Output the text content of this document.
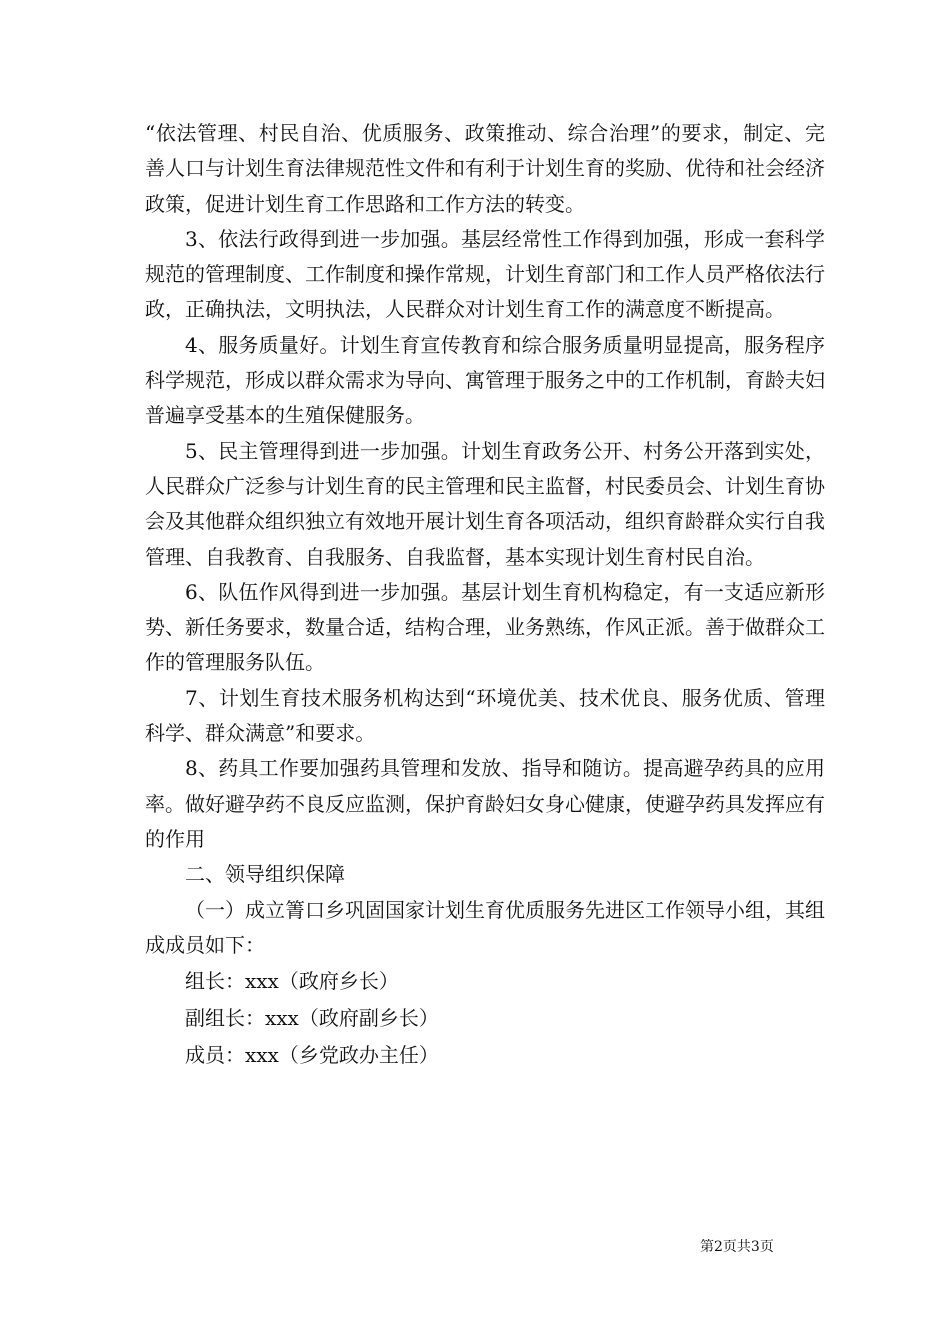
“依法管理、村民自治、优质服务、政策推动、综合治理”的要求，制定、完善人口与计划生育法律规范性文件和有利于计划生育的奖励、优待和社会经济政策，促进计划生育工作思路和工作方法的转变。

3、依法行政得到进一步加强。基层经常性工作得到加强，形成一套科学规范的管理制度、工作制度和操作常规，计划生育部门和工作人员严格依法行政，正确执法，文明执法，人民群众对计划生育工作的满意度不断提高。

4、服务质量好。计划生育宣传教育和综合服务质量明显提高，服务程序科学规范，形成以群众需求为导向、寓管理于服务之中的工作机制，育龄夫妇普遍享受基本的生殖保健服务。

5、民主管理得到进一步加强。计划生育政务公开、村务公开落到实处，人民群众广泛参与计划生育的民主管理和民主监督，村民委员会、计划生育协会及其他群众组织独立有效地开展计划生育各项活动，组织育龄群众实行自我管理、自我教育、自我服务、自我监督，基本实现计划生育村民自治。

6、队伍作风得到进一步加强。基层计划生育机构稳定，有一支适应新形势、新任务要求，数量合适，结构合理，业务熟练，作风正派。善于做群众工作的管理服务队伍。

7、计划生育技术服务机构达到“环境优美、技术优良、服务优质、管理科学、群众满意”和要求。

8、药具工作要加强药具管理和发放、指导和随访。提高避孕药具的应用率。做好避孕药不良反应监测，保护育龄妇女身心健康，使避孕药具发挥应有的作用

二、领导组织保障

（一）成立箐口乡巩固国家计划生育优质服务先进区工作领导小组，其组成成员如下：

组长：xxx（政府乡长）

副组长：xxx（政府副乡长）

成员：xxx（乡党政办主任）

第2页共3页
